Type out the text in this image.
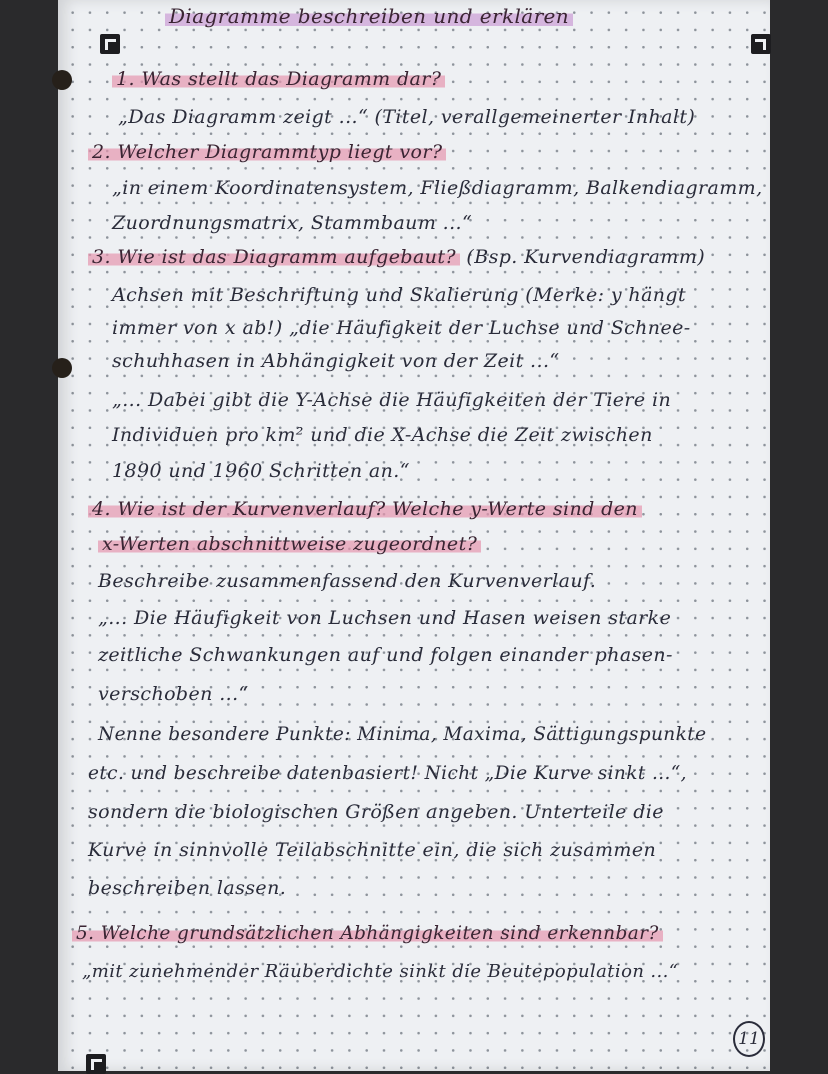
11
Diagramme beschreiben und erklären
1. Was stellt das Diagramm dar?
„Das Diagramm zeigt ...“ (Titel, verallgemeinerter Inhalt)
2. Welcher Diagrammtyp liegt vor?
„in einem Koordinatensystem, Fließdiagramm, Balkendiagramm,
Zuordnungsmatrix, Stammbaum ...“
3. Wie ist das Diagramm aufgebaut? (Bsp. Kurvendiagramm)
Achsen mit Beschriftung und Skalierung (Merke: y hängt
immer von x ab!) „die Häufigkeit der Luchse und Schnee-
schuhhasen in Abhängigkeit von der Zeit ...“
„... Dabei gibt die Y-Achse die Häufigkeiten der Tiere in
Individuen pro km² und die X-Achse die Zeit zwischen
1890 und 1960 Schritten an.“
4. Wie ist der Kurvenverlauf? Welche y-Werte sind den
x-Werten abschnittweise zugeordnet?
Beschreibe zusammenfassend den Kurvenverlauf.
„... Die Häufigkeit von Luchsen und Hasen weisen starke
zeitliche Schwankungen auf und folgen einander phasen-
verschoben ...“
Nenne besondere Punkte: Minima, Maxima, Sättigungspunkte
etc. und beschreibe datenbasiert! Nicht „Die Kurve sinkt ...“,
sondern die biologischen Größen angeben. Unterteile die
Kurve in sinnvolle Teilabschnitte ein, die sich zusammen
beschreiben lassen.
5. Welche grundsätzlichen Abhängigkeiten sind erkennbar?
„mit zunehmender Räuberdichte sinkt die Beutepopulation ...“
